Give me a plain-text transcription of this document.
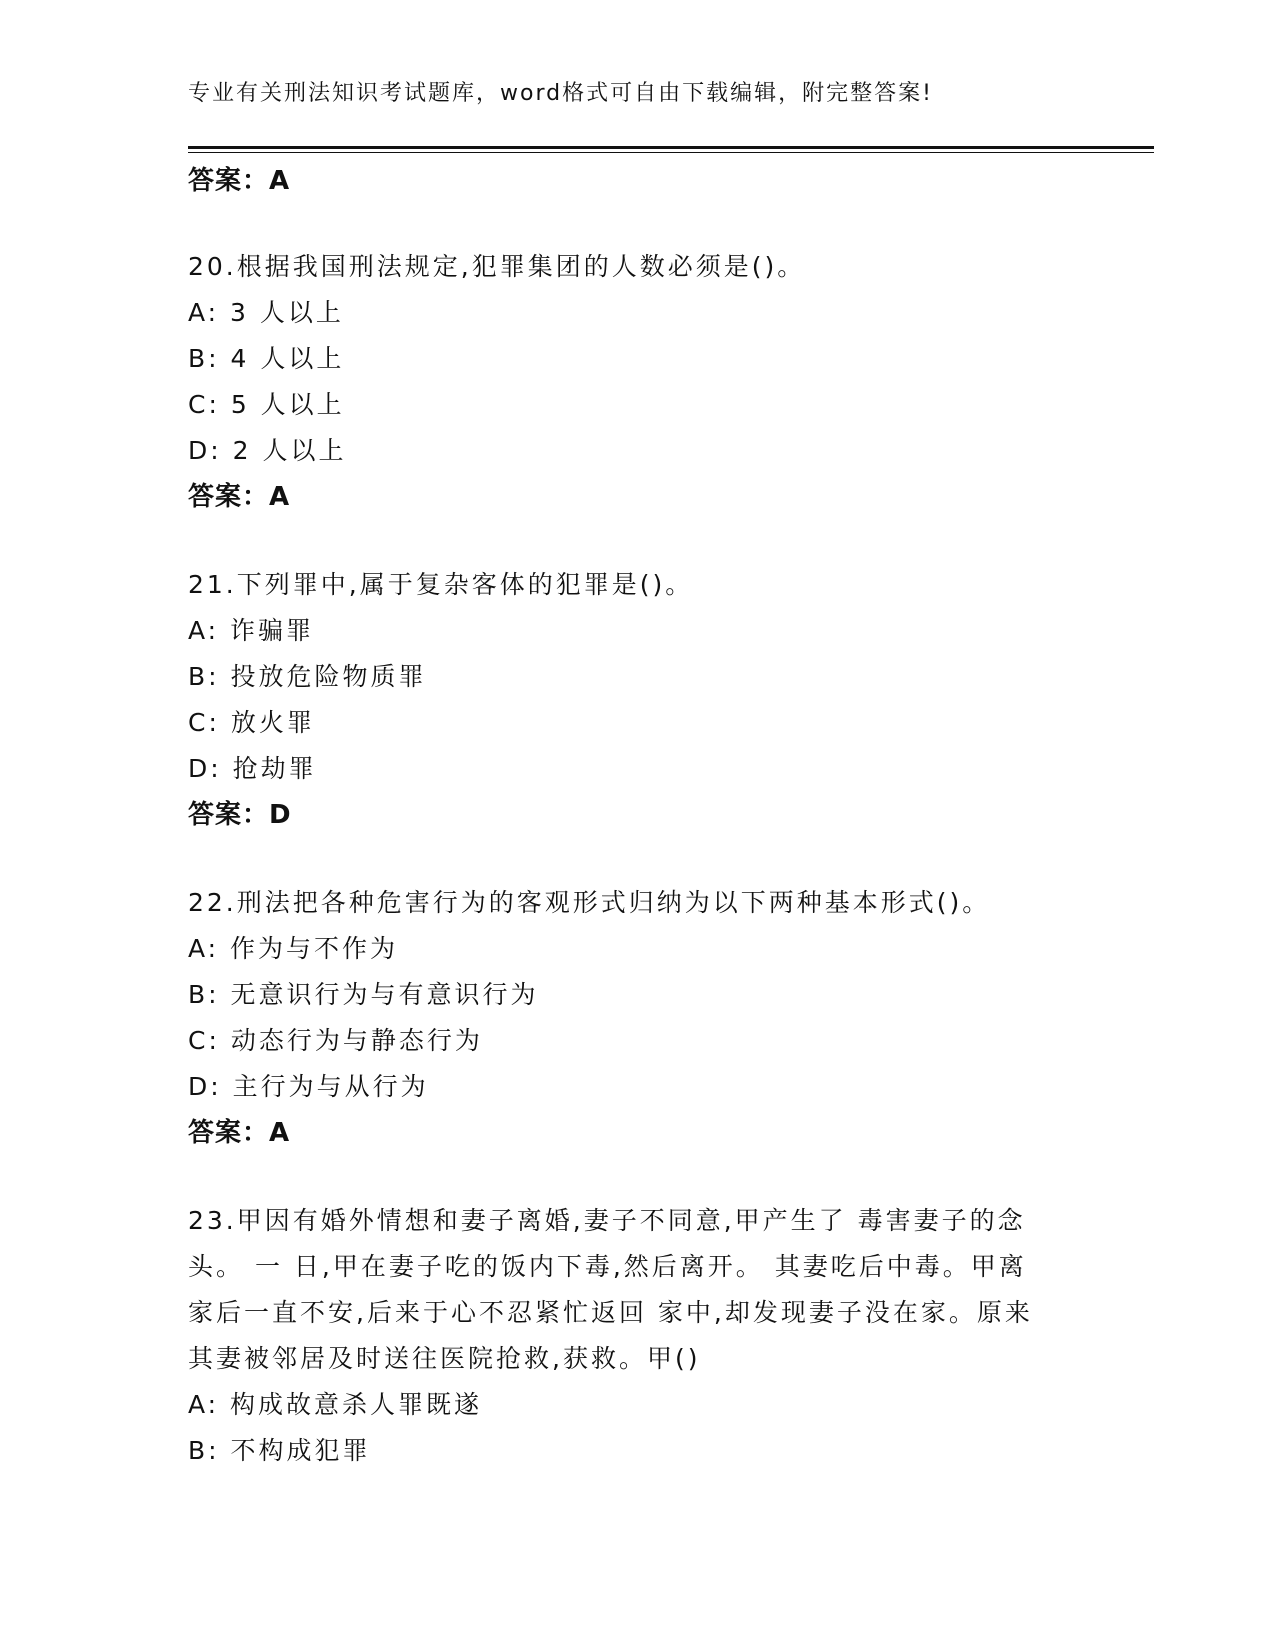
专业有关刑法知识考试题库，word格式可自由下载编辑，附完整答案!
答案：A
20.根据我国刑法规定,犯罪集团的人数必须是()。
A: 3 人以上
B: 4 人以上
C: 5 人以上
D: 2 人以上
答案：A
21.下列罪中,属于复杂客体的犯罪是()。
A: 诈骗罪
B: 投放危险物质罪
C: 放火罪
D: 抢劫罪
答案：D
22.刑法把各种危害行为的客观形式归纳为以下两种基本形式()。
A: 作为与不作为
B: 无意识行为与有意识行为
C: 动态行为与静态行为
D: 主行为与从行为
答案：A
23.甲因有婚外情想和妻子离婚,妻子不同意,甲产生了 毒害妻子的念
头。 一 日,甲在妻子吃的饭内下毒,然后离开。 其妻吃后中毒。甲离
家后一直不安,后来于心不忍紧忙返回 家中,却发现妻子没在家。原来
其妻被邻居及时送往医院抢救,获救。甲()
A: 构成故意杀人罪既遂
B: 不构成犯罪
